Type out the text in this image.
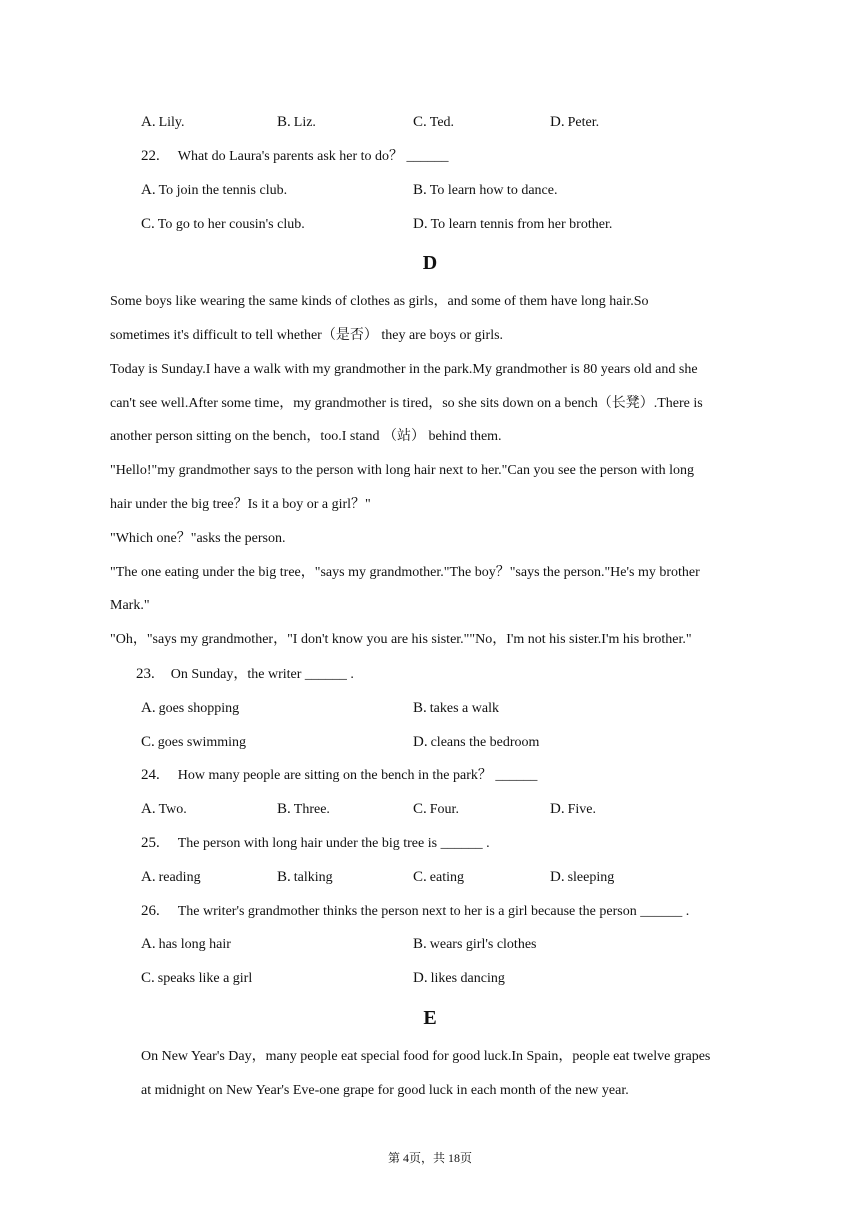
A. Lily.	B. Liz.	C. Ted.	D. Peter.
22. What do Laura's parents ask her to do？ ______
A. To join the tennis club.	B. To learn how to dance.
C. To go to her cousin's club.	D. To learn tennis from her brother.
D
Some boys like wearing the same kinds of clothes as girls，and some of them have long hair.So
sometimes it's difficult to tell whether（是否） they are boys or girls.
Today is Sunday.I have a walk with my grandmother in the park.My grandmother is 80 years old and she
can't see well.After some time，my grandmother is tired，so she sits down on a bench（长凳）.There is
another person sitting on the bench，too.I stand （站） behind them.
"Hello!"my grandmother says to the person with long hair next to her."Can you see the person with long
hair under the big tree？Is it a boy or a girl？"
"Which one？"asks the person.
"The one eating under the big tree，"says my grandmother."The boy？"says the person."He's my brother
Mark."
"Oh，"says my grandmother，"I don't know you are his sister.""No，I'm not his sister.I'm his brother."
23. On Sunday，the writer ______ .
A. goes shopping	B. takes a walk
C. goes swimming	D. cleans the bedroom
24. How many people are sitting on the bench in the park？ ______
A. Two.	B. Three.	C. Four.	D. Five.
25. The person with long hair under the big tree is ______ .
A. reading	B. talking	C. eating	D. sleeping
26. The writer's grandmother thinks the person next to her is a girl because the person ______ .
A. has long hair	B. wears girl's clothes
C. speaks like a girl	D. likes dancing
E
On New Year's Day，many people eat special food for good luck.In Spain，people eat twelve grapes
at midnight on New Year's Eve-one grape for good luck in each month of the new year.
第 4页，共 18页
